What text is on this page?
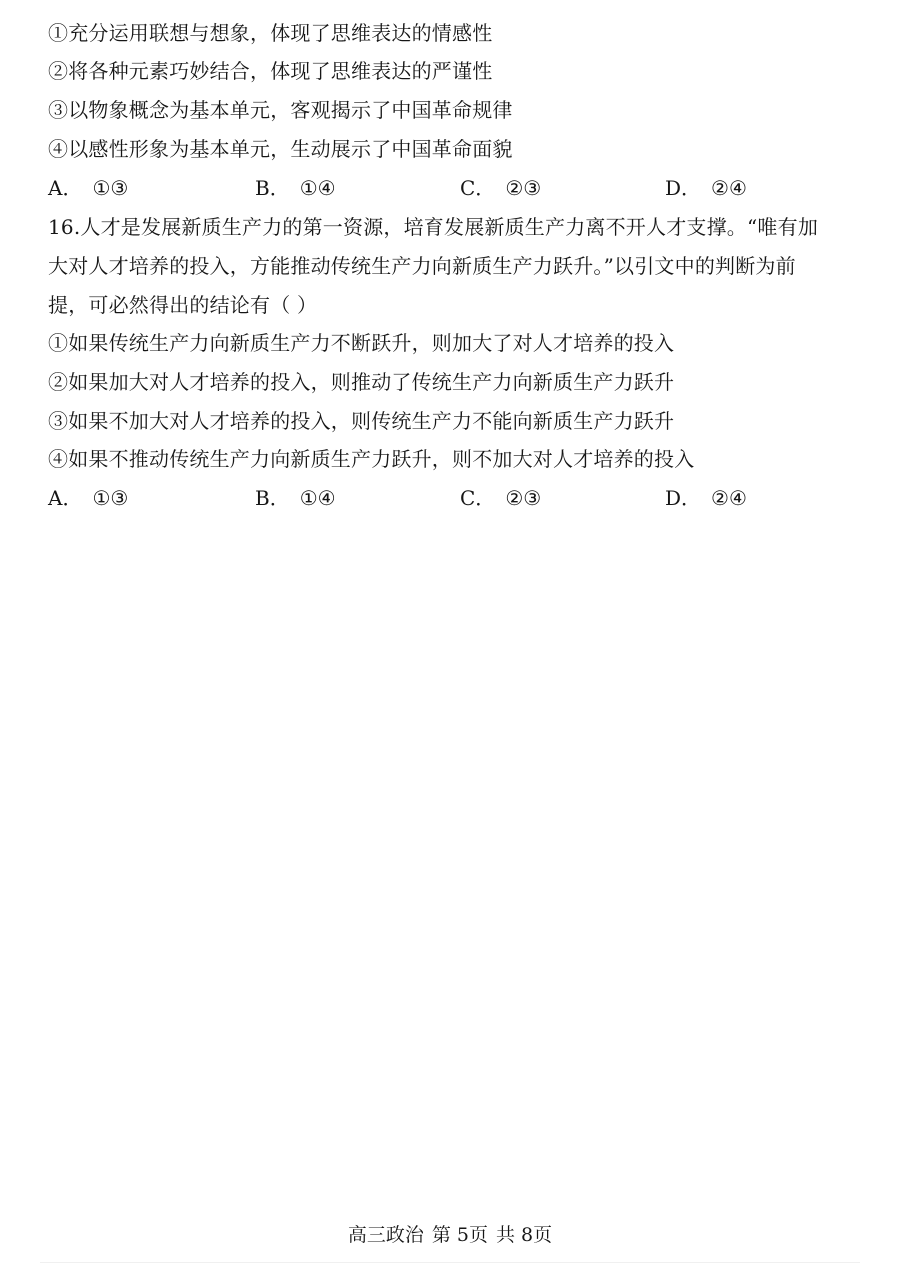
①充分运用联想与想象，体现了思维表达的情感性
②将各种元素巧妙结合，体现了思维表达的严谨性
③以物象概念为基本单元，客观揭示了中国革命规律
④以感性形象为基本单元，生动展示了中国革命面貌
A． ①③	B． ①④	C． ②③	D． ②④
16.人才是发展新质生产力的第一资源，培育发展新质生产力离不开人才支撑。“唯有加
大对人才培养的投入，方能推动传统生产力向新质生产力跃升。”以引文中的判断为前
提，可必然得出的结论有（ ）
①如果传统生产力向新质生产力不断跃升，则加大了对人才培养的投入
②如果加大对人才培养的投入，则推动了传统生产力向新质生产力跃升
③如果不加大对人才培养的投入，则传统生产力不能向新质生产力跃升
④如果不推动传统生产力向新质生产力跃升，则不加大对人才培养的投入
A． ①③	B． ①④	C． ②③	D． ②④
高三政治 第 5页 共 8页
